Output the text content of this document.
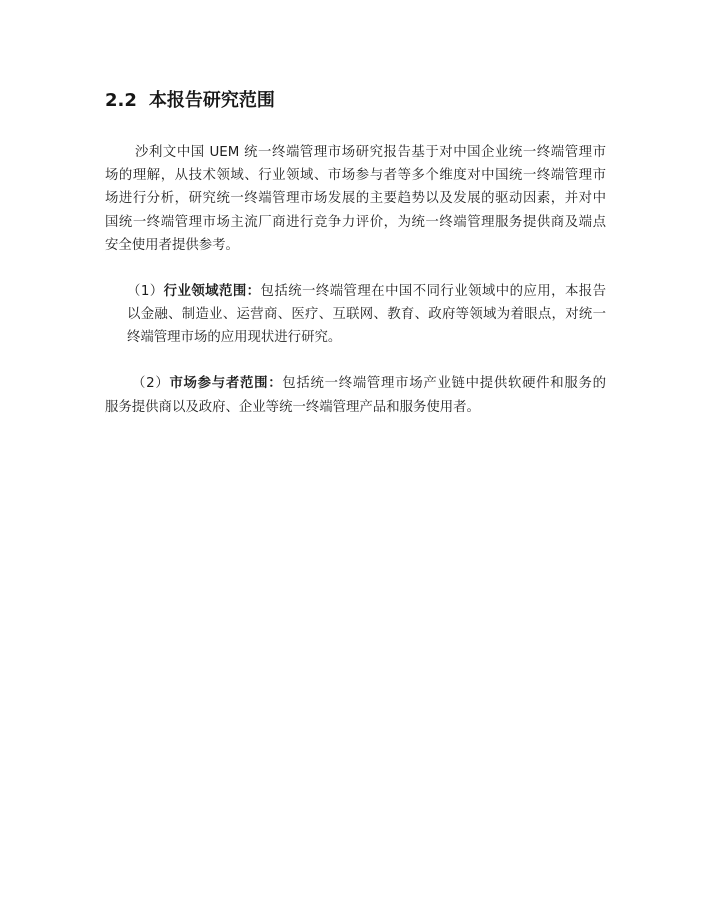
2.2 本报告研究范围
沙利文中国 UEM 统一终端管理市场研究报告基于对中国企业统一终端管理市
场的理解，从技术领域、行业领域、市场参与者等多个维度对中国统一终端管理市
场进行分析，研究统一终端管理市场发展的主要趋势以及发展的驱动因素，并对中
国统一终端管理市场主流厂商进行竞争力评价，为统一终端管理服务提供商及端点
安全使用者提供参考。
（1）行业领域范围：包括统一终端管理在中国不同行业领域中的应用，本报告
以金融、制造业、运营商、医疗、互联网、教育、政府等领域为着眼点，对统一
终端管理市场的应用现状进行研究。
（2）市场参与者范围：包括统一终端管理市场产业链中提供软硬件和服务的
服务提供商以及政府、企业等统一终端管理产品和服务使用者。
